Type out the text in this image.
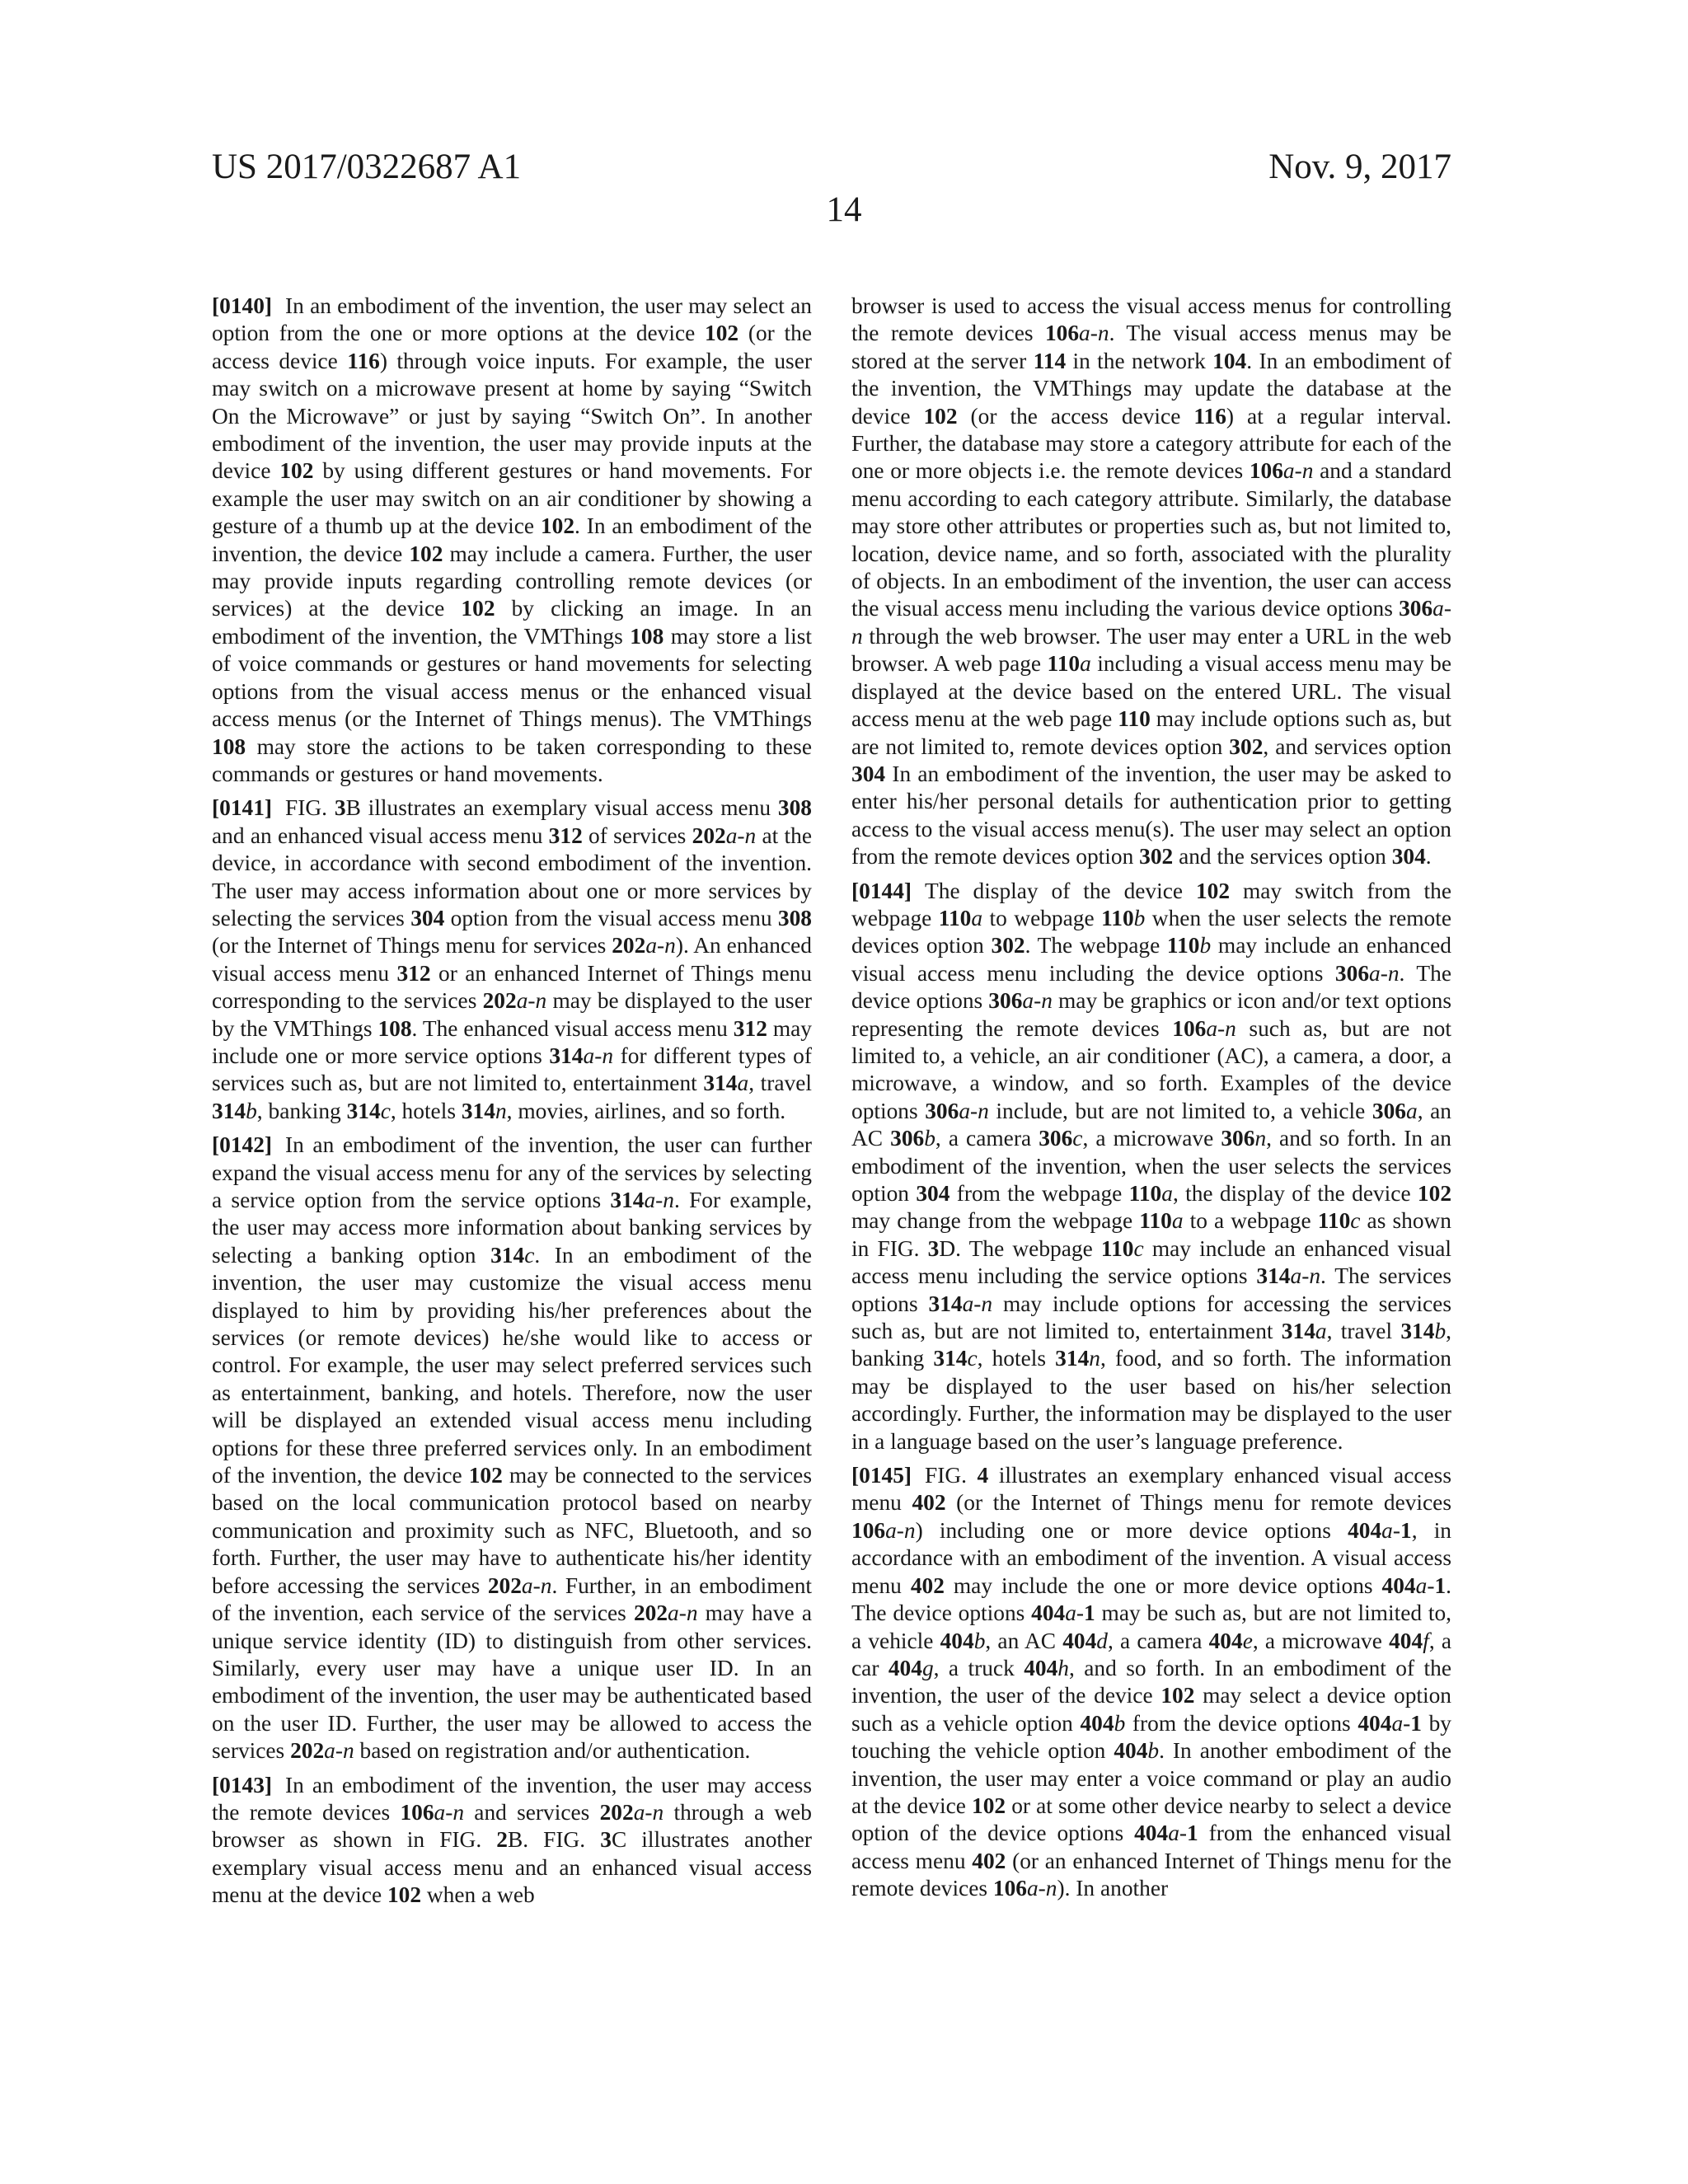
US 2017/0322687 A1	Nov. 9, 2017
14

[0140] In an embodiment of the invention, the user may select an option from the one or more options at the device 102 (or the access device 116) through voice inputs. For example, the user may switch on a microwave present at home by saying “Switch On the Microwave” or just by saying “Switch On”. In another embodiment of the invention, the user may provide inputs at the device 102 by using different gestures or hand movements. For example the user may switch on an air conditioner by showing a gesture of a thumb up at the device 102. In an embodiment of the invention, the device 102 may include a camera. Further, the user may provide inputs regarding controlling remote devices (or services) at the device 102 by clicking an image. In an embodiment of the invention, the VMThings 108 may store a list of voice commands or gestures or hand movements for selecting options from the visual access menus or the enhanced visual access menus (or the Internet of Things menus). The VMThings 108 may store the actions to be taken corresponding to these commands or gestures or hand movements.

[0141] FIG. 3B illustrates an exemplary visual access menu 308 and an enhanced visual access menu 312 of services 202a-n at the device, in accordance with second embodiment of the invention. The user may access information about one or more services by selecting the services 304 option from the visual access menu 308 (or the Internet of Things menu for services 202a-n). An enhanced visual access menu 312 or an enhanced Internet of Things menu corresponding to the services 202a-n may be displayed to the user by the VMThings 108. The enhanced visual access menu 312 may include one or more service options 314a-n for different types of services such as, but are not limited to, entertainment 314a, travel 314b, banking 314c, hotels 314n, movies, airlines, and so forth.

[0142] In an embodiment of the invention, the user can further expand the visual access menu for any of the services by selecting a service option from the service options 314a-n. For example, the user may access more information about banking services by selecting a banking option 314c. In an embodiment of the invention, the user may customize the visual access menu displayed to him by providing his/her preferences about the services (or remote devices) he/she would like to access or control. For example, the user may select preferred services such as entertainment, banking, and hotels. Therefore, now the user will be displayed an extended visual access menu including options for these three preferred services only. In an embodiment of the invention, the device 102 may be connected to the services based on the local communication protocol based on nearby communication and proximity such as NFC, Bluetooth, and so forth. Further, the user may have to authenticate his/her identity before accessing the services 202a-n. Further, in an embodiment of the invention, each service of the services 202a-n may have a unique service identity (ID) to distinguish from other services. Similarly, every user may have a unique user ID. In an embodiment of the invention, the user may be authenticated based on the user ID. Further, the user may be allowed to access the services 202a-n based on registration and/or authentication.

[0143] In an embodiment of the invention, the user may access the remote devices 106a-n and services 202a-n through a web browser as shown in FIG. 2B. FIG. 3C illustrates another exemplary visual access menu and an enhanced visual access menu at the device 102 when a web

browser is used to access the visual access menus for controlling the remote devices 106a-n. The visual access menus may be stored at the server 114 in the network 104. In an embodiment of the invention, the VMThings may update the database at the device 102 (or the access device 116) at a regular interval. Further, the database may store a category attribute for each of the one or more objects i.e. the remote devices 106a-n and a standard menu according to each category attribute. Similarly, the database may store other attributes or properties such as, but not limited to, location, device name, and so forth, associated with the plurality of objects. In an embodiment of the invention, the user can access the visual access menu including the various device options 306a-n through the web browser. The user may enter a URL in the web browser. A web page 110a including a visual access menu may be displayed at the device based on the entered URL. The visual access menu at the web page 110 may include options such as, but are not limited to, remote devices option 302, and services option 304 In an embodiment of the invention, the user may be asked to enter his/her personal details for authentication prior to getting access to the visual access menu(s). The user may select an option from the remote devices option 302 and the services option 304.

[0144] The display of the device 102 may switch from the webpage 110a to webpage 110b when the user selects the remote devices option 302. The webpage 110b may include an enhanced visual access menu including the device options 306a-n. The device options 306a-n may be graphics or icon and/or text options representing the remote devices 106a-n such as, but are not limited to, a vehicle, an air conditioner (AC), a camera, a door, a microwave, a window, and so forth. Examples of the device options 306a-n include, but are not limited to, a vehicle 306a, an AC 306b, a camera 306c, a microwave 306n, and so forth. In an embodiment of the invention, when the user selects the services option 304 from the webpage 110a, the display of the device 102 may change from the webpage 110a to a webpage 110c as shown in FIG. 3D. The webpage 110c may include an enhanced visual access menu including the service options 314a-n. The services options 314a-n may include options for accessing the services such as, but are not limited to, entertainment 314a, travel 314b, banking 314c, hotels 314n, food, and so forth. The information may be displayed to the user based on his/her selection accordingly. Further, the information may be displayed to the user in a language based on the user’s language preference.

[0145] FIG. 4 illustrates an exemplary enhanced visual access menu 402 (or the Internet of Things menu for remote devices 106a-n) including one or more device options 404a-1, in accordance with an embodiment of the invention. A visual access menu 402 may include the one or more device options 404a-1. The device options 404a-1 may be such as, but are not limited to, a vehicle 404b, an AC 404d, a camera 404e, a microwave 404f, a car 404g, a truck 404h, and so forth. In an embodiment of the invention, the user of the device 102 may select a device option such as a vehicle option 404b from the device options 404a-1 by touching the vehicle option 404b. In another embodiment of the invention, the user may enter a voice command or play an audio at the device 102 or at some other device nearby to select a device option of the device options 404a-1 from the enhanced visual access menu 402 (or an enhanced Internet of Things menu for the remote devices 106a-n). In another
